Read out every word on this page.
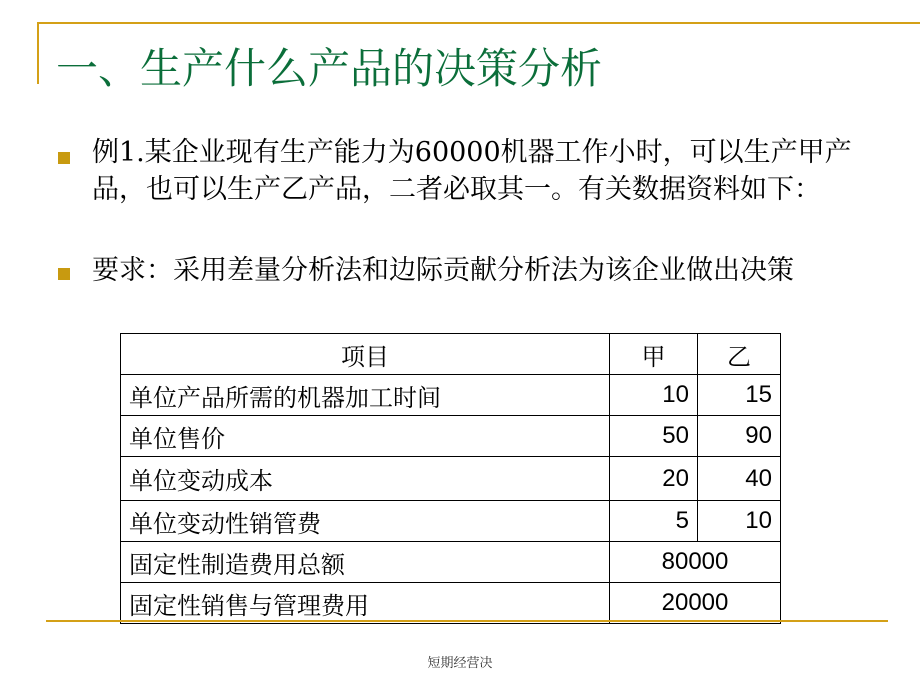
一、生产什么产品的决策分析
例1.某企业现有生产能力为60000机器工作小时，可以生产甲产品，也可以生产乙产品，二者必取其一。有关数据资料如下：
要求：采用差量分析法和边际贡献分析法为该企业做出决策
项目	甲	乙
单位产品所需的机器加工时间	10	15
单位售价	50	90
单位变动成本	20	40
单位变动性销管费	5	10
固定性制造费用总额	80000	
固定性销售与管理费用	20000	
短期经营决
